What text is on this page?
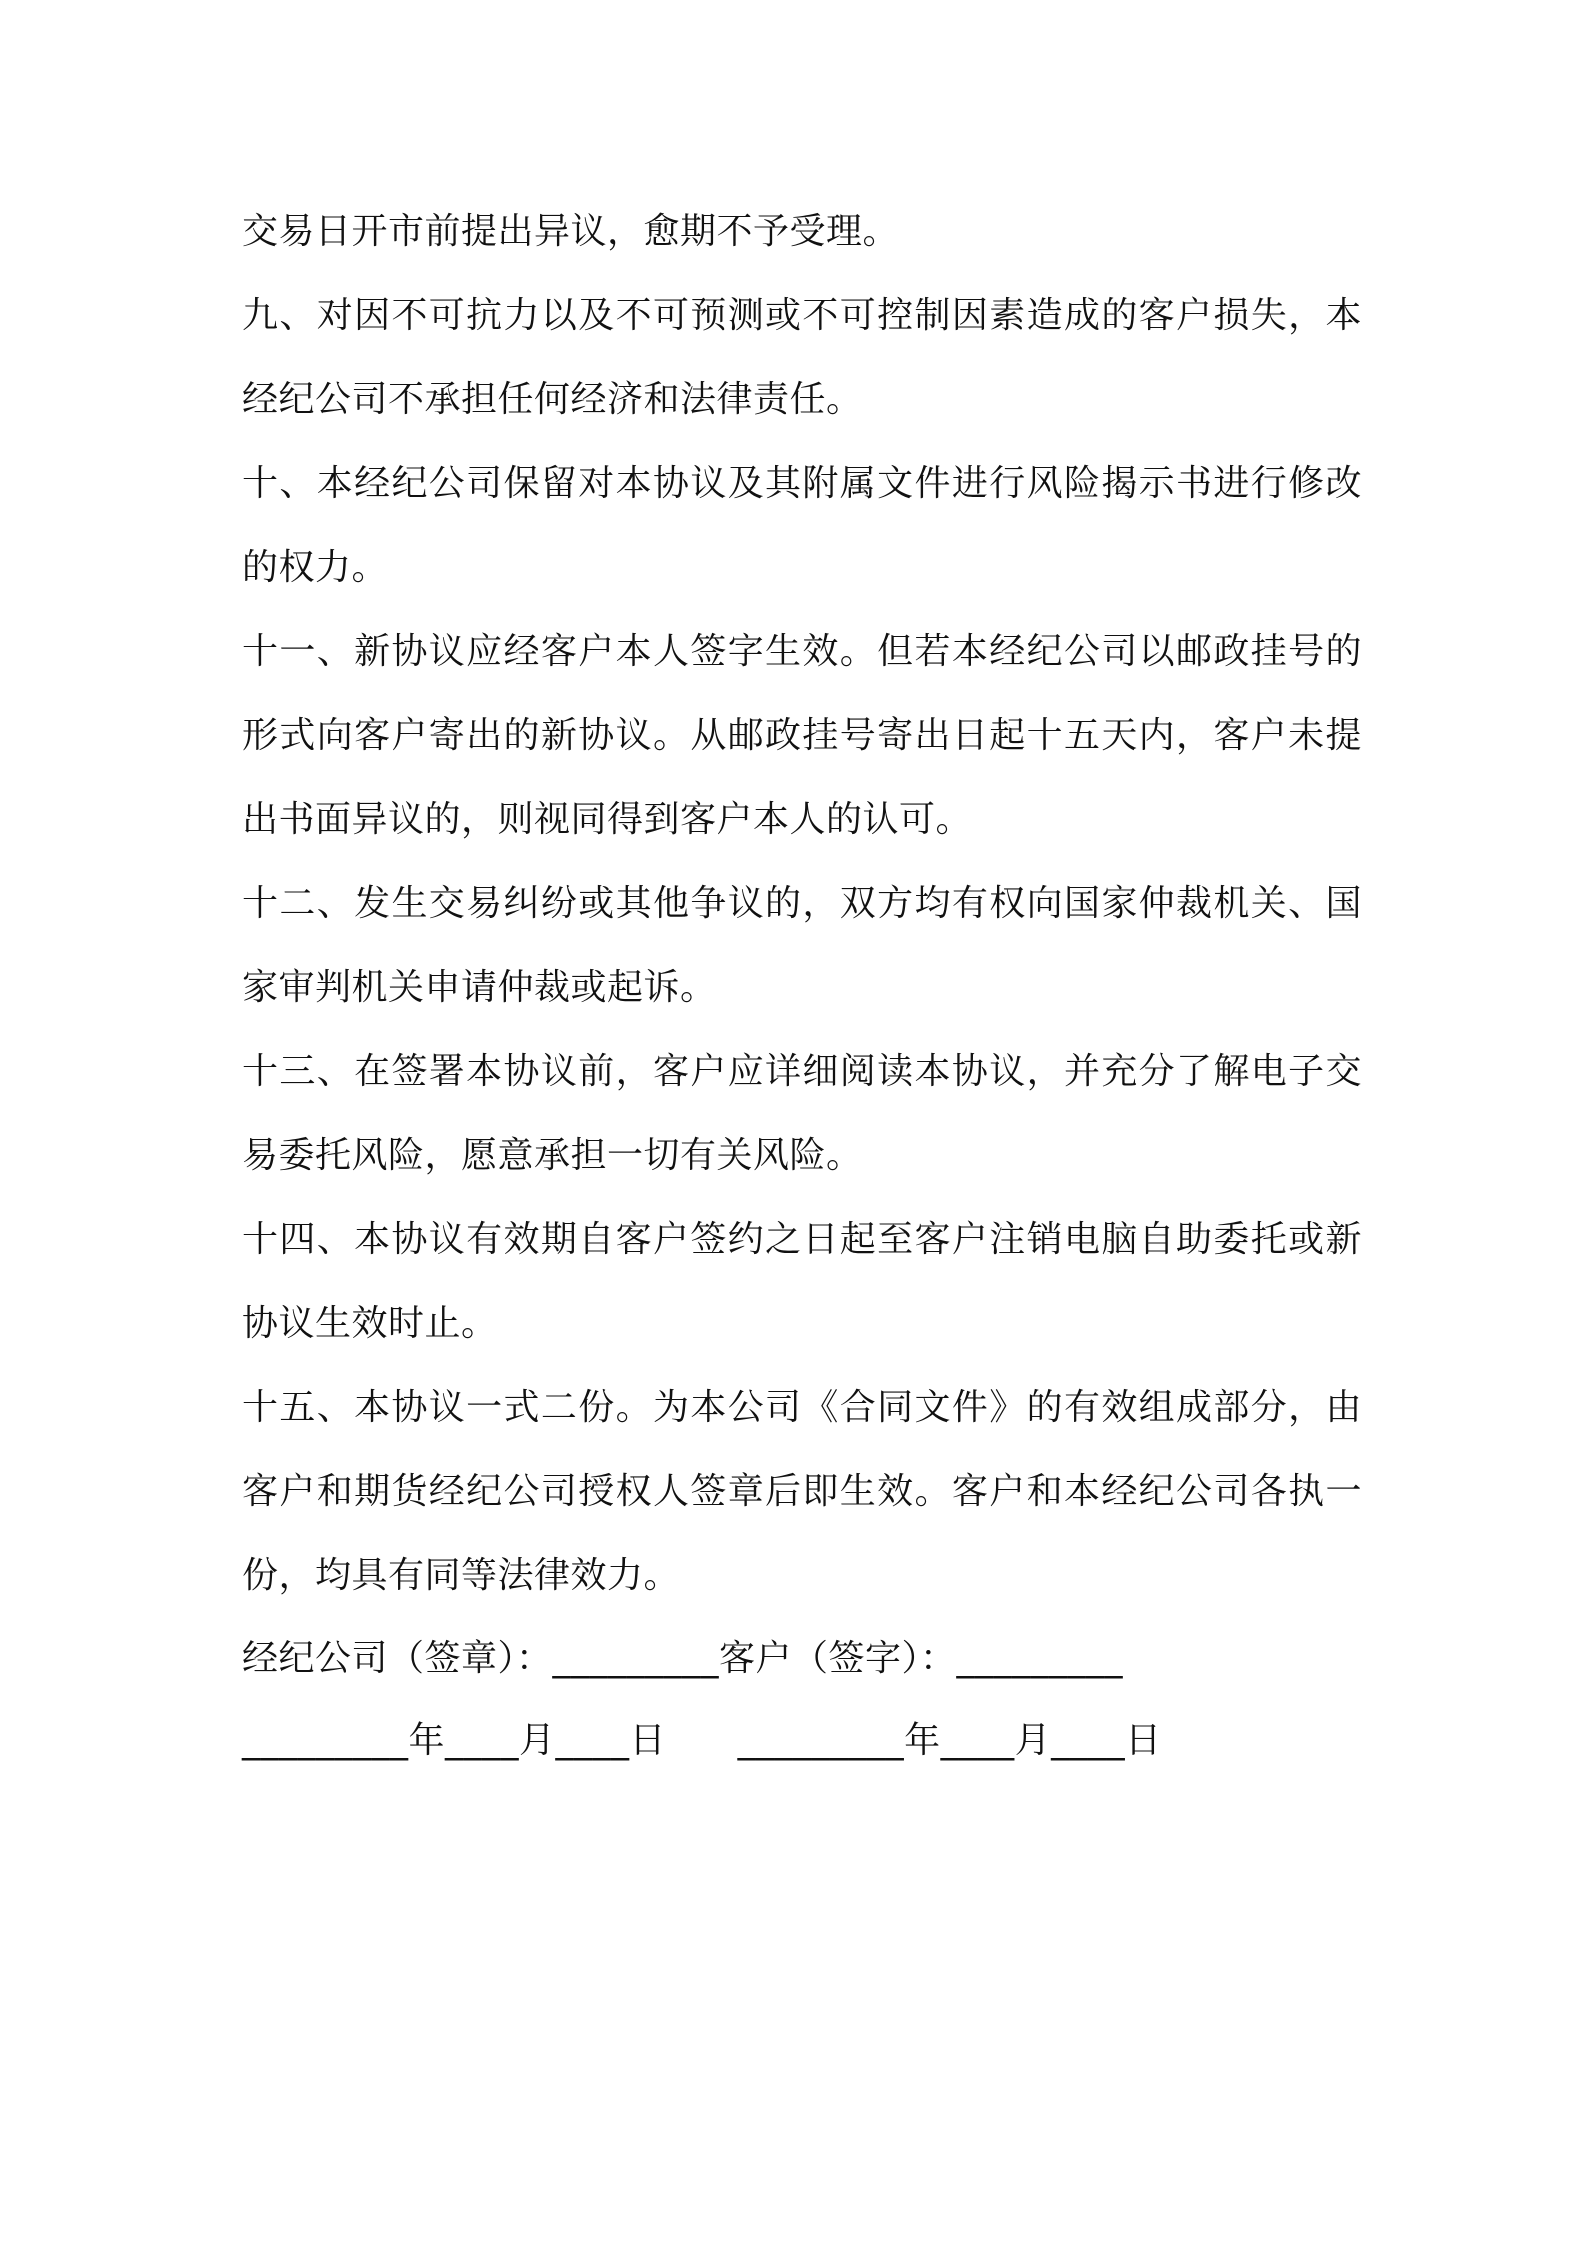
交易日开市前提出异议，愈期不予受理。

九、对因不可抗力以及不可预测或不可控制因素造成的客户损失，本经纪公司不承担任何经济和法律责任。

十、本经纪公司保留对本协议及其附属文件进行风险揭示书进行修改的权力。

十一、新协议应经客户本人签字生效。但若本经纪公司以邮政挂号的形式向客户寄出的新协议。从邮政挂号寄出日起十五天内，客户未提出书面异议的，则视同得到客户本人的认可。

十二、发生交易纠纷或其他争议的，双方均有权向国家仲裁机关、国家审判机关申请仲裁或起诉。

十三、在签署本协议前，客户应详细阅读本协议，并充分了解电子交易委托风险，愿意承担一切有关风险。

十四、本协议有效期自客户签约之日起至客户注销电脑自助委托或新协议生效时止。

十五、本协议一式二份。为本公司《合同文件》的有效组成部分，由客户和期货经纪公司授权人签章后即生效。客户和本经纪公司各执一份，均具有同等法律效力。

经纪公司（签章）：_________客户（签字）：_________

_________年____月____日 _________年____月____日
